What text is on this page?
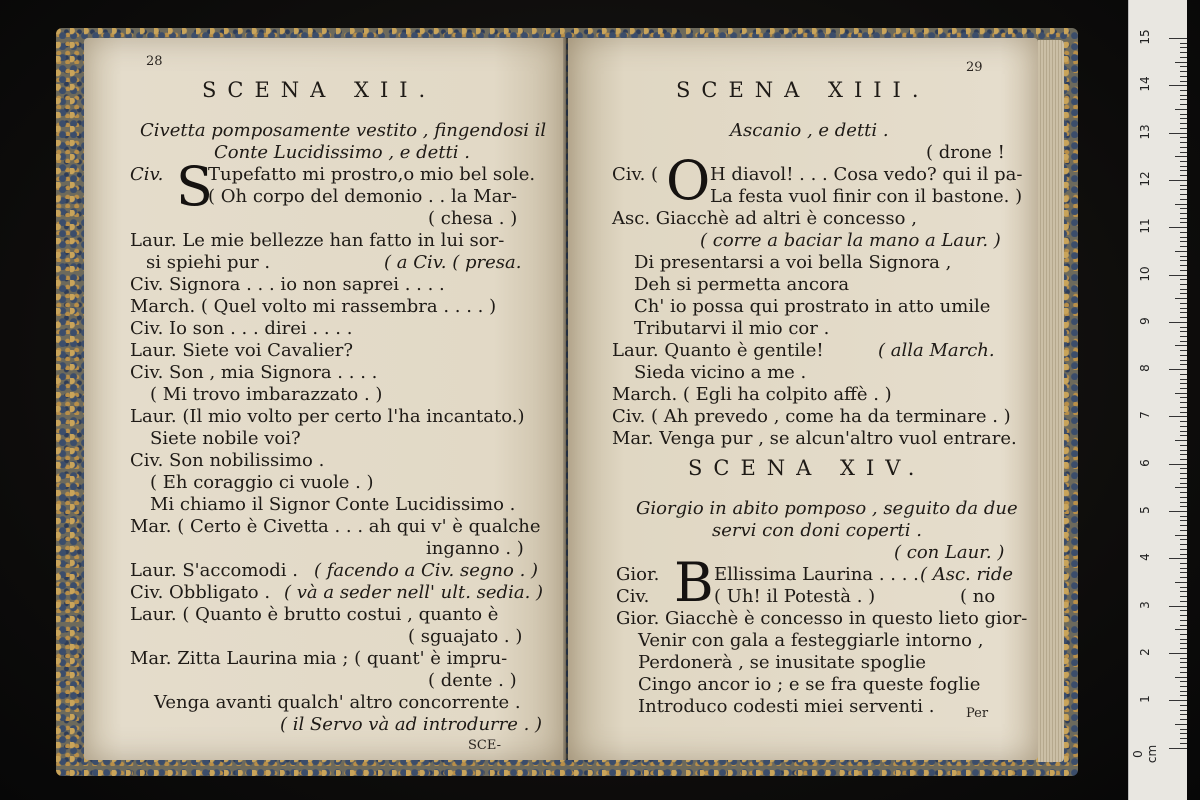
28
SCENA XII.
Civetta pomposamente vestito , fingendosi il
Conte Lucidissimo , e detti .
Civ. S
Tupefatto mi prostro,o mio bel sole.
( Oh corpo del demonio . . la Mar-
( chesa . )
Laur. Le mie bellezze han fatto in lui sor-
si spiehi pur .	( a Civ. ( presa.
Civ. Signora . . . io non saprei . . . .
March. ( Quel volto mi rassembra . . . . )
Civ. Io son . . . direi . . . .
Laur. Siete voi Cavalier?
Civ. Son , mia Signora . . . .
( Mi trovo imbarazzato . )
Laur. (Il mio volto per certo l'ha incantato.)
Siete nobile voi?
Civ. Son nobilissimo .
( Eh coraggio ci vuole . )
Mi chiamo il Signor Conte Lucidissimo .
Mar. ( Certo è Civetta . . . ah qui v' è qualche
inganno . )
Laur. S'accomodi . ( facendo a Civ. segno . )
Civ. Obbligato . ( và a seder nell' ult. sedia. )
Laur. ( Quanto è brutto costui , quanto è
( sguajato . )
Mar. Zitta Laurina mia ; ( quant' è impru-
( dente . )
Venga avanti qualch' altro concorrente .
( il Servo và ad introdurre . )
SCE-
29
SCENA XIII.
Ascanio , e detti .
( drone !
Civ. ( O H diavol! . . . Cosa vedo? qui il pa-
La festa vuol finir con il bastone. )
Asc. Giacchè ad altri è concesso ,
( corre a baciar la mano a Laur. )
Di presentarsi a voi bella Signora ,
Deh si permetta ancora
Ch' io possa qui prostrato in atto umile
Tributarvi il mio cor .
Laur. Quanto è gentile!	( alla March.
Sieda vicino a me .
March. ( Egli ha colpito affè . )
Civ. ( Ah prevedo , come ha da terminare . )
Mar. Venga pur , se alcun'altro vuol entrare.
SCENA XIV.
Giorgio in abito pomposo , seguito da due
servi con doni coperti .
( con Laur. )
Gior. B Ellissima Laurina . . . . ( Asc. ride
Civ.	( Uh! il Potestà . )	( no
Gior. Giacchè è concesso in questo lieto gior-
Venir con gala a festeggiarle intorno ,
Perdonerà , se inusitate spoglie
Cingo ancor io ; e se fra queste foglie
Introduco codesti miei serventi . Per
15
14
13
12
11
10
9
8
7
6
5
4
3
2
1
0 cm
